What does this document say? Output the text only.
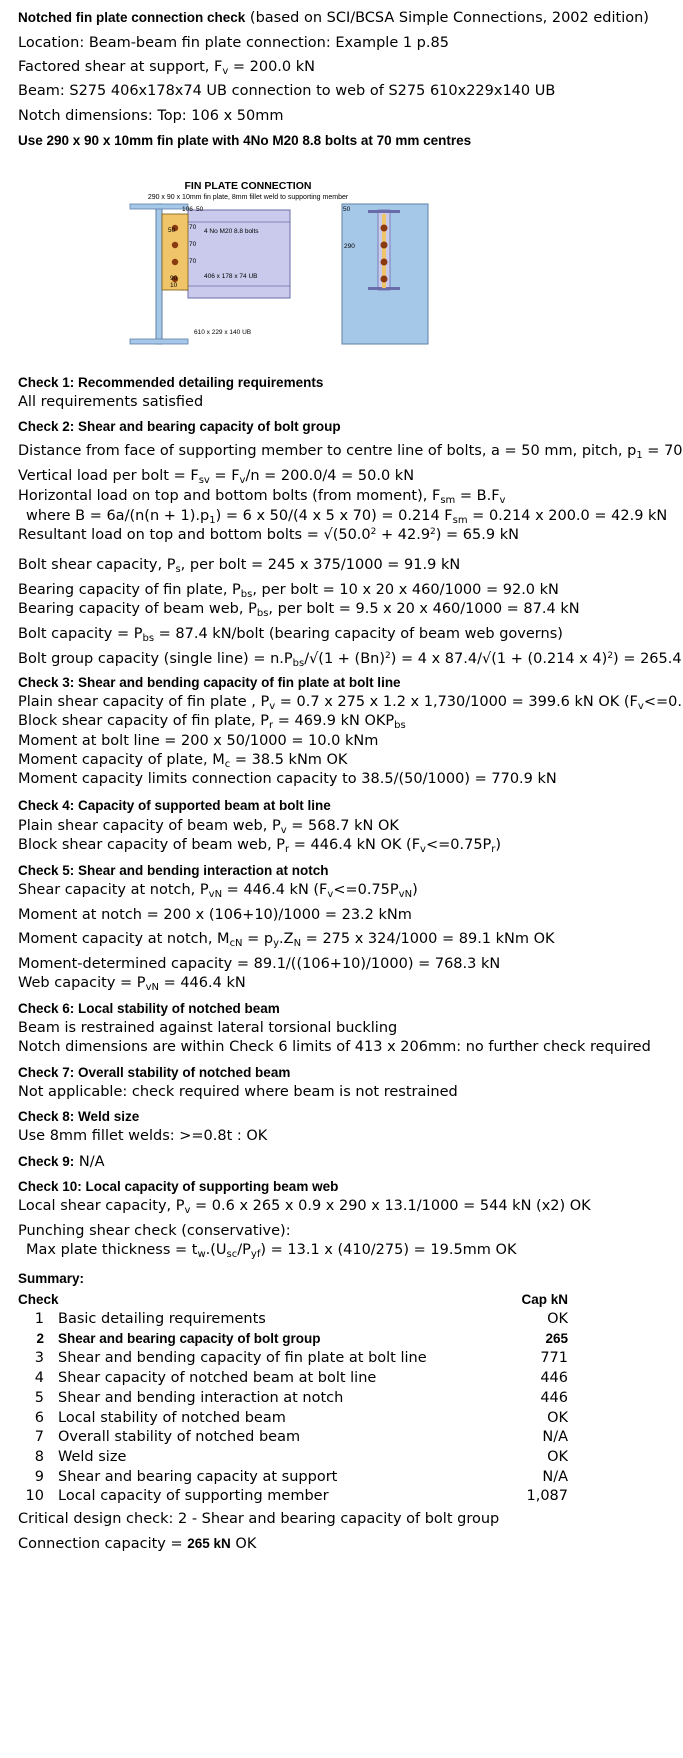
Notched fin plate connection check (based on SCI/BCSA Simple Connections, 2002 edition)
Location: Beam-beam fin plate connection: Example 1 p.85
Factored shear at support, $F_v = 200.0$ kN
Beam: S275 406x178x74 UB connection to web of S275 610x229x140 UB
Notch dimensions: Top: 106 x 50mm
Use 290 x 90 x 10mm fin plate with 4No M20 8.8 bolts at 70 mm centres
FIN PLATE CONNECTION
290 x 90 x 10mm fin plate, 8mm fillet weld to supporting member
106 50
50 70
70
70
90
10
4 No M20 8.8 bolts
406 x 178 x 74 UB
610 x 229 x 140 UB
50
290
Check 1: Recommended detailing requirements
All requirements satisfied
Check 2: Shear and bearing capacity of bolt group
Distance from face of supporting member to centre line of bolts, a = 50 mm, pitch, $p_1 = 70$
Vertical load per bolt = $F_{sv} = F_v/n = 200.0/4 = 50.0$ kN
Horizontal load on top and bottom bolts (from moment), $F_{sm} = B.F_v$
where $B = 6a/(n(n + 1).p_1) = 6$ x 50/(4 x 5 x 70) = 0.214 $F_{sm} = 0.214$ x 200.0 = 42.9 kN
Resultant load on top and bottom bolts = $√(50.0^2 + 42.9^2) = 65.9$ kN
Bolt shear capacity, $P_s$, per bolt = 245 x 375/1000 = 91.9 kN
Bearing capacity of fin plate, $P_{bs}$, per bolt = 10 x 20 x 460/1000 = 92.0 kN
Bearing capacity of beam web, $P_{bs}$, per bolt = 9.5 x 20 x 460/1000 = 87.4 kN
Bolt capacity = $P_{bs} = 87.4$ kN/bolt (bearing capacity of beam web governs)
Bolt group capacity (single line) = $n.P_{bs}/√(1 + (Bn)^2) = 4$ x 87.4/√(1 + (0.214 x 4)$^2$) = 265.4
Check 3: Shear and bending capacity of fin plate at bolt line
Plain shear capacity of fin plate , $P_v = 0.7$ x 275 x 1.2 x 1,730/1000 = 399.6 kN OK ($F_v<=0$.
Block shear capacity of fin plate, $P_r = 469.9$ kN $OKP_{bs}$
Moment at bolt line = 200 x 50/1000 = 10.0 kNm
Moment capacity of plate, $M_c = 38.5$ kNm OK
Moment capacity limits connection capacity to 38.5/(50/1000) = 770.9 kN
Check 4: Capacity of supported beam at bolt line
Plain shear capacity of beam web, $P_v = 568.7$ kN OK
Block shear capacity of beam web, $P_r = 446.4$ kN OK $(F_v<=0.75P_r)$
Check 5: Shear and bending interaction at notch
Shear capacity at notch, $P_{vN} = 446.4$ kN $(F_v<=0.75P_{vN})$
Moment at notch = 200 x (106+10)/1000 = 23.2 kNm
Moment capacity at notch, $M_{cN} = p_y.Z_N = 275$ x 324/1000 = 89.1 kNm OK
Moment-determined capacity = 89.1/((106+10)/1000) = 768.3 kN
Web capacity = $P_{vN} = 446.4$ kN
Check 6: Local stability of notched beam
Beam is restrained against lateral torsional buckling
Notch dimensions are within Check 6 limits of 413 x 206mm: no further check required
Check 7: Overall stability of notched beam
Not applicable: check required where beam is not restrained
Check 8: Weld size
Use 8mm fillet welds: >=0.8t : OK
Check 9: N/A
Check 10: Local capacity of supporting beam web
Local shear capacity, $P_v = 0.6$ x 265 x 0.9 x 290 x 13.1/1000 = 544 kN (x2) OK
Punching shear check (conservative):
Max plate thickness = $t_w.(U_{sc}/P_{yf}) = 13.1$ x (410/275) = 19.5mm OK
Summary:
Check	Cap kN
1 Basic detailing requirements	OK
2 Shear and bearing capacity of bolt group	265
3 Shear and bending capacity of fin plate at bolt line	771
4 Shear capacity of notched beam at bolt line	446
5 Shear and bending interaction at notch	446
6 Local stability of notched beam	OK
7 Overall stability of notched beam	N/A
8 Weld size	OK
9 Shear and bearing capacity at support	N/A
10 Local capacity of supporting member	1,087
Critical design check: 2 - Shear and bearing capacity of bolt group
Connection capacity = 265 kN OK
